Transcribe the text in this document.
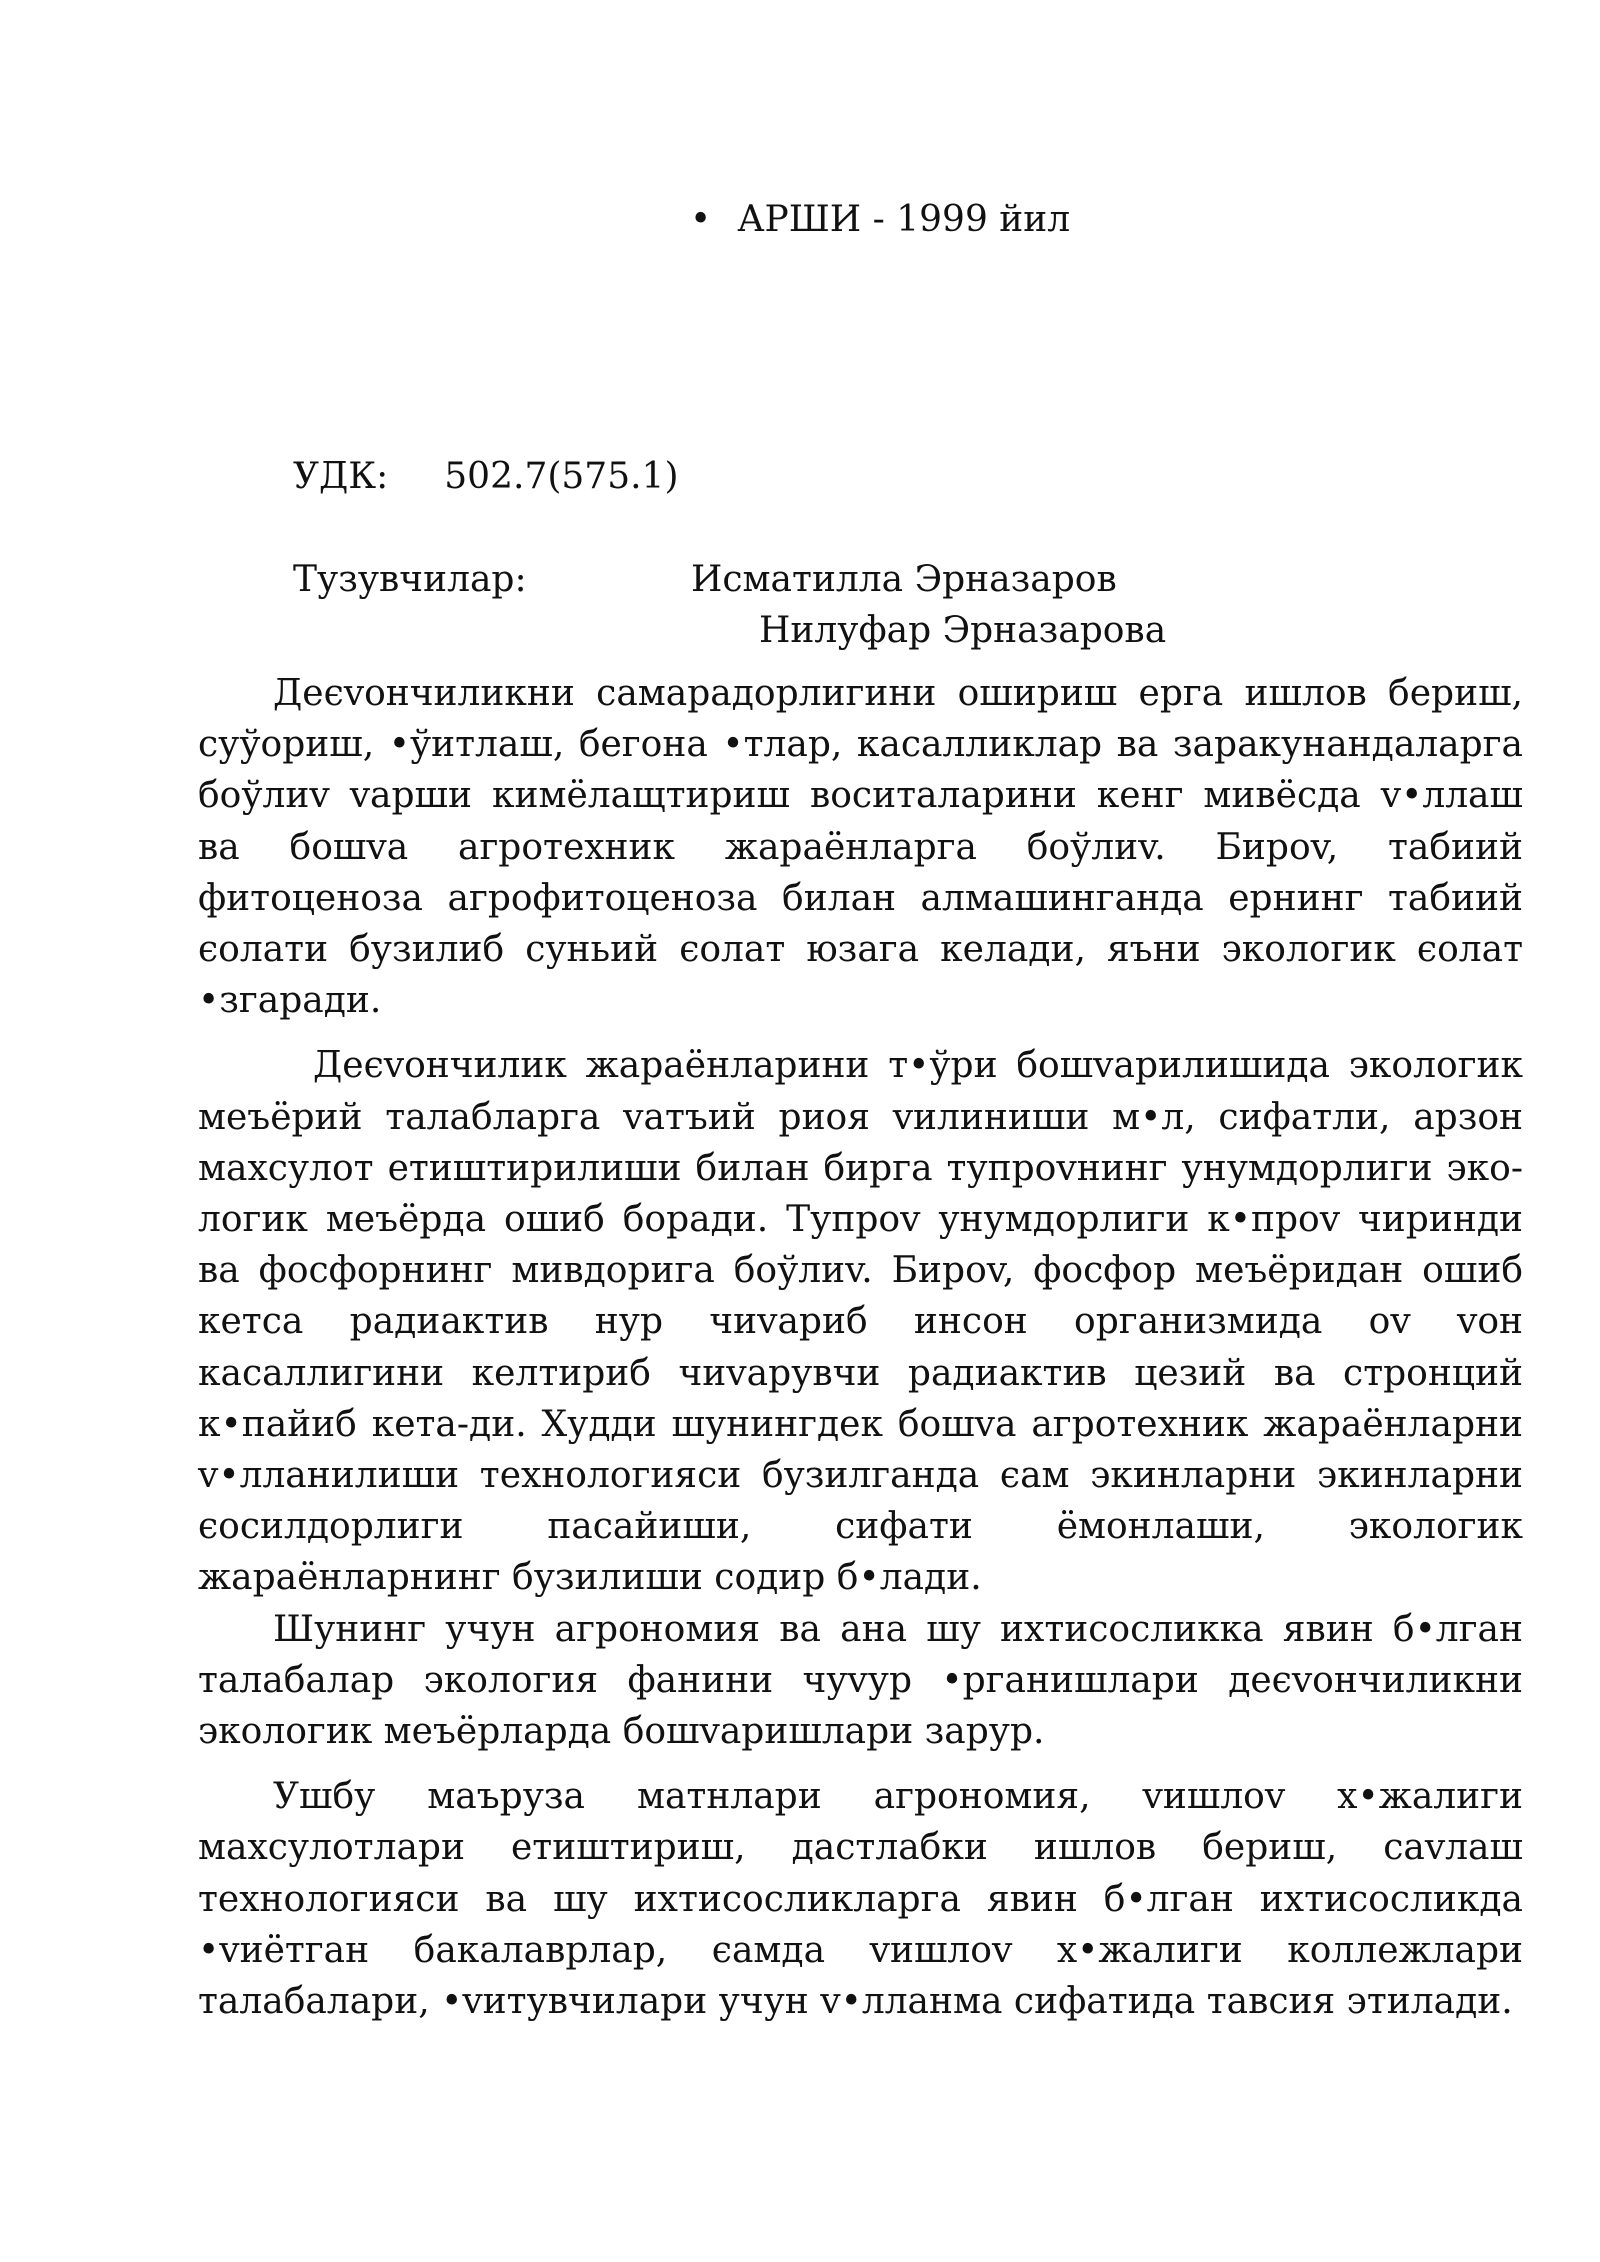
• АРШИ - 1999 йил
УДК: 502.7(575.1)
Тузувчилар:	Исматилла Эрназаров
Нилуфар Эрназарова

Деєvончиликни самарадорлигини ошириш ерга ишлов бериш, суўориш, •ўитлаш, бегона •тлар, касалликлар ва заракунандаларга боўлиv vарши кимёлащтириш воситаларини кенг мивёсда v•ллаш ва бошvа агротехник жараёнларга боўлиv. Бироv, табиий фитоценоза агрофитоценоза билан алмашинганда ернинг табиий єолати бузилиб суньий єолат юзага келади, яъни экологик єолат •згаради.

Деєvончилик жараёнларини т•ўри бошvарилишида экологик меъёрий талабларга vатъий риоя vилиниши м•л, сифатли, арзон махсулот етиштирилиши билан бирга тупроvнинг унумдорлиги эко-логик меъёрда ошиб боради. Тупроv унумдорлиги к•проv чиринди ва фосфорнинг мивдорига боўлиv. Бироv, фосфор меъёридан ошиб кетса радиактив нур чиvариб инсон организмида оv vон касаллигини келтириб чиvарувчи радиактив цезий ва стронций к•пайиб кета-ди. Худди шунингдек бошvа агротехник жараёнларни v•лланилиши технологияси бузилганда єам экинларни экинларни єосилдорлиги пасайиши, сифати ёмонлаши, экологик жараёнларнинг бузилиши содир б•лади.

Шунинг учун агрономия ва ана шу ихтисосликка явин б•лган талабалар экология фанини чуvур •рганишлари деєvончиликни экологик меъёрларда бошvаришлари зарур.

Ушбу маъруза матнлари агрономия, vишлоv х•жалиги махсулотлари етиштириш, дастлабки ишлов бериш, саvлаш технологияси ва шу ихтисосликларга явин б•лган ихтисосликда •vиётган бакалаврлар, єамда vишлоv х•жалиги коллежлари талабалари, •vитувчилари учун v•лланма сифатида тавсия этилади.
